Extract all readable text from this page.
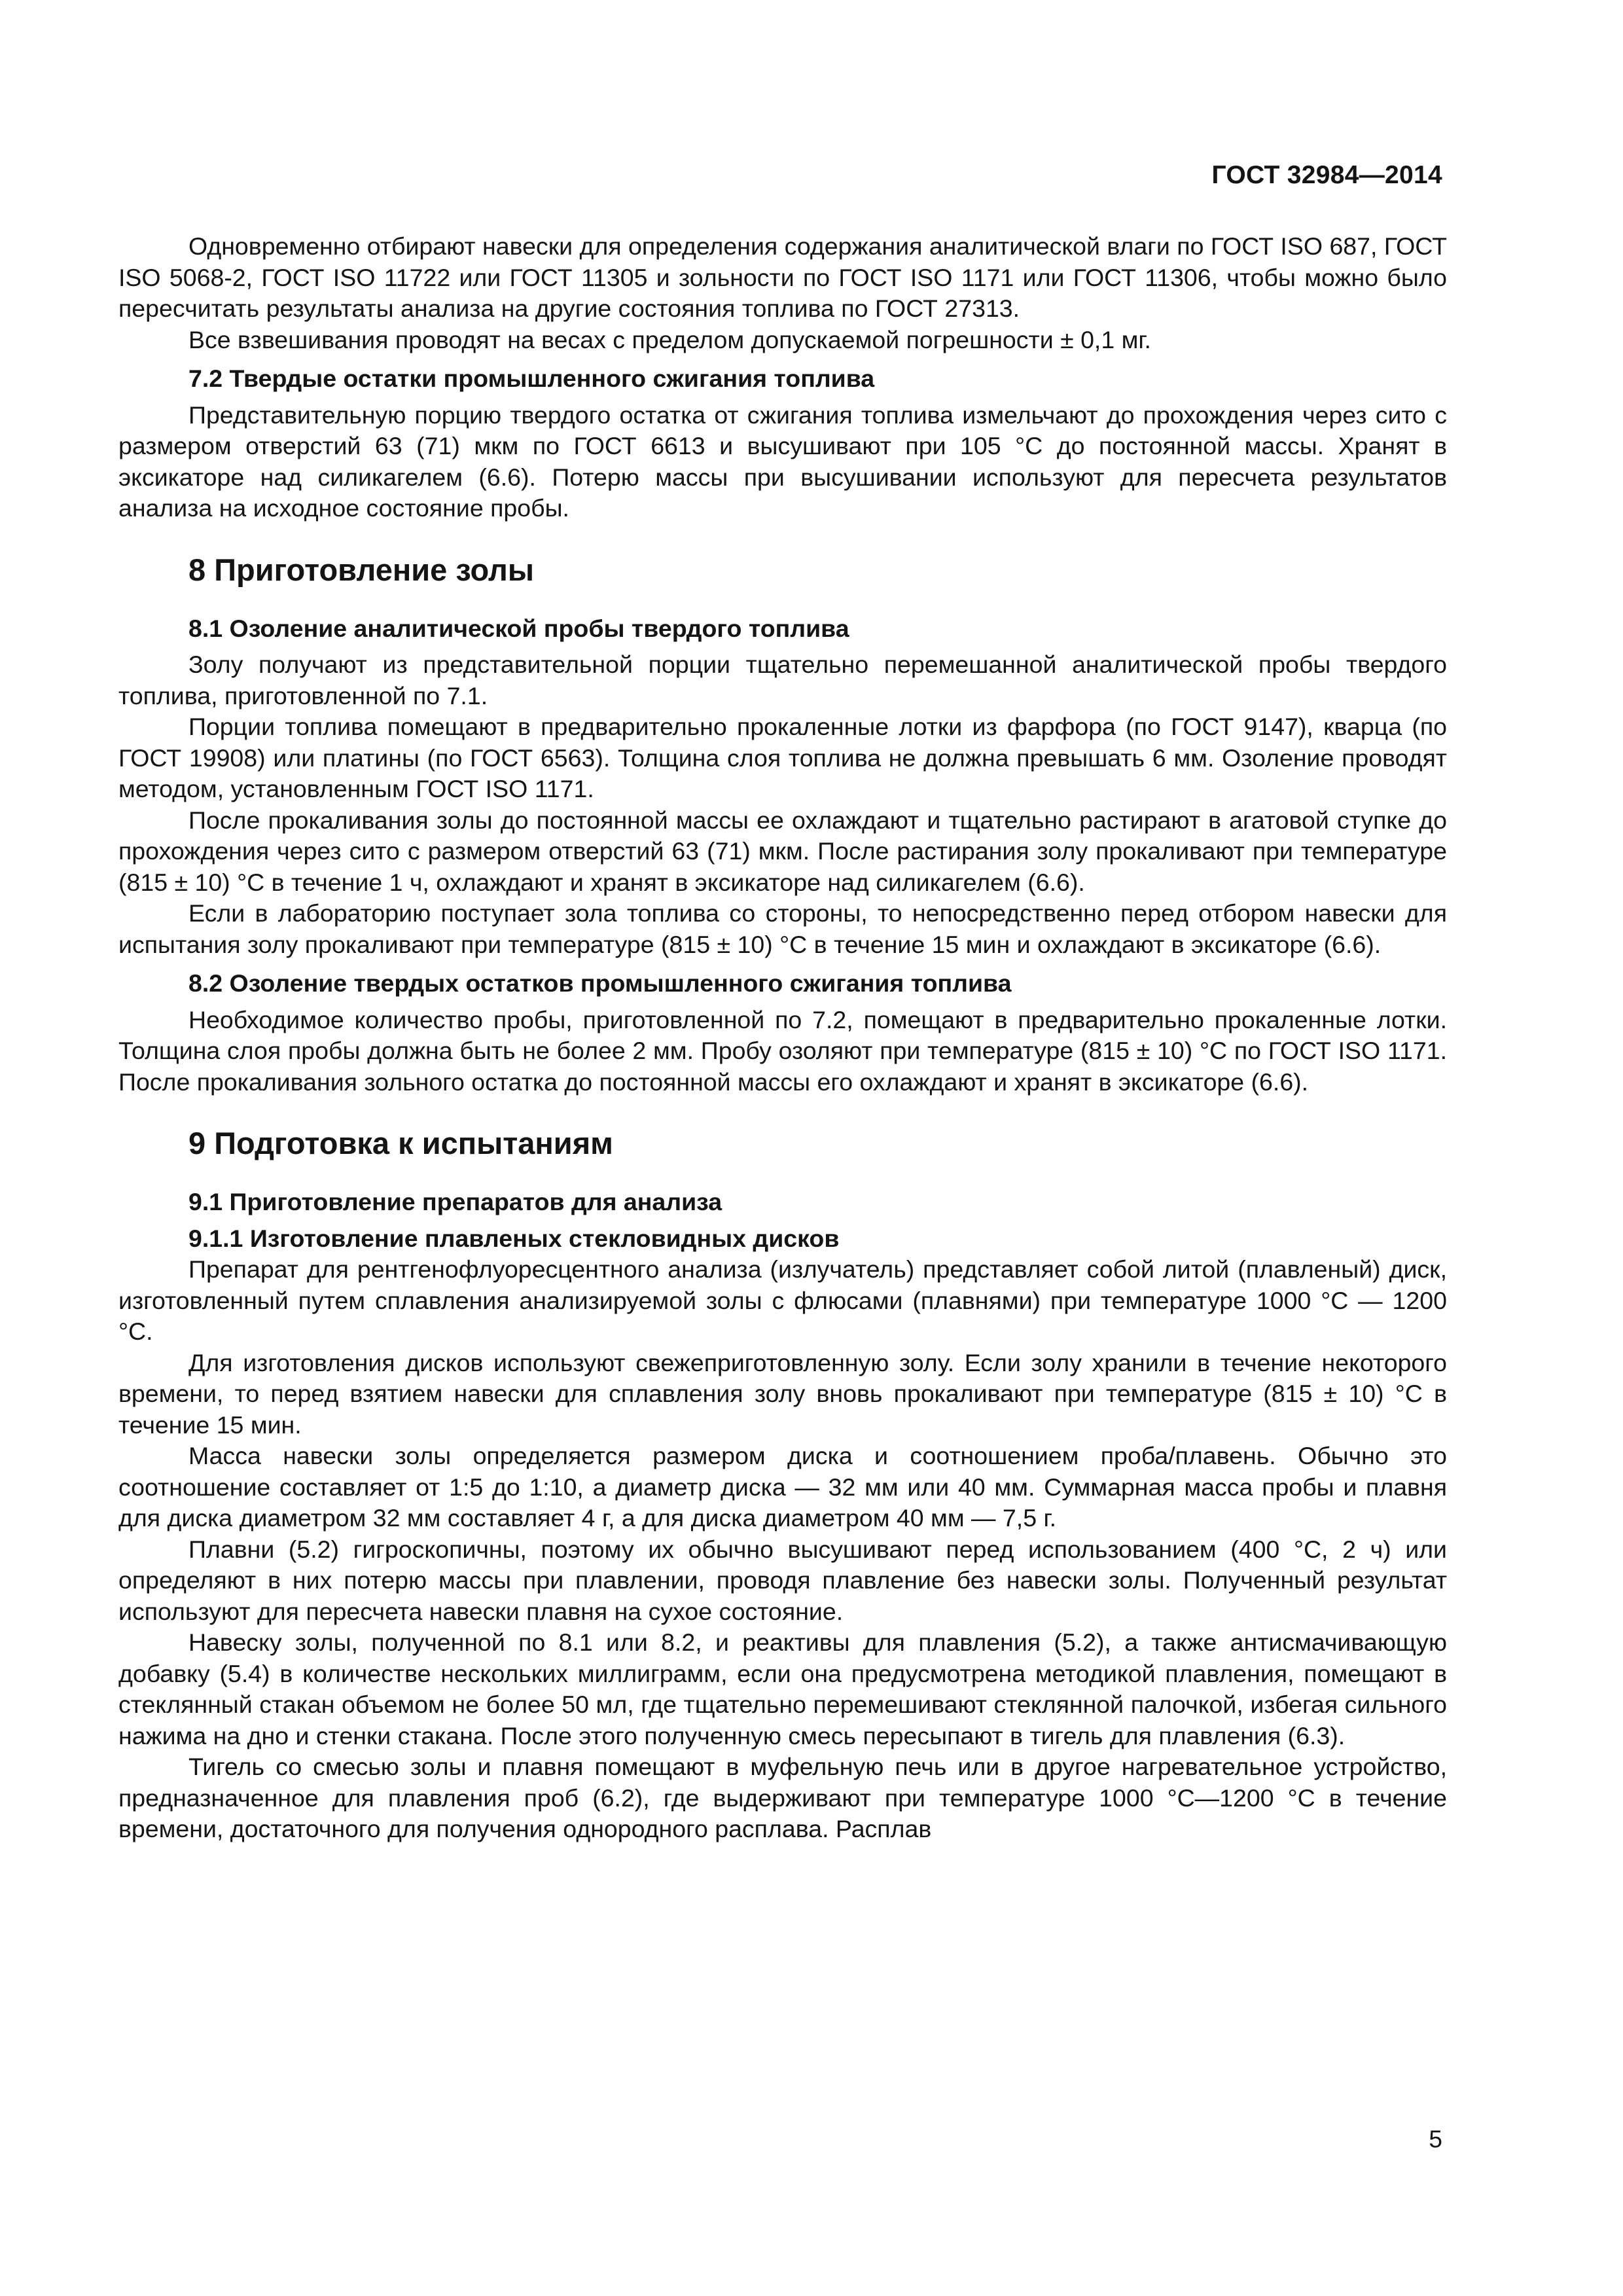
ГОСТ 32984—2014

Одновременно отбирают навески для определения содержания аналитической влаги по ГОСТ ISO 687, ГОСТ ISO 5068-2, ГОСТ ISO 11722 или ГОСТ 11305 и зольности по ГОСТ ISO 1171 или ГОСТ 11306, чтобы можно было пересчитать результаты анализа на другие состояния топлива по ГОСТ 27313.

Все взвешивания проводят на весах с пределом допускаемой погрешности ± 0,1 мг.

7.2 Твердые остатки промышленного сжигания топлива

Представительную порцию твердого остатка от сжигания топлива измельчают до прохождения через сито с размером отверстий 63 (71) мкм по ГОСТ 6613 и высушивают при 105 °С до постоянной массы. Хранят в эксикаторе над силикагелем (6.6). Потерю массы при высушивании используют для пересчета результатов анализа на исходное состояние пробы.

8 Приготовление золы
8.1 Озоление аналитической пробы твердого топлива

Золу получают из представительной порции тщательно перемешанной аналитической пробы твердого топлива, приготовленной по 7.1.

Порции топлива помещают в предварительно прокаленные лотки из фарфора (по ГОСТ 9147), кварца (по ГОСТ 19908) или платины (по ГОСТ 6563). Толщина слоя топлива не должна превышать 6 мм. Озоление проводят методом, установленным ГОСТ ISO 1171.

После прокаливания золы до постоянной массы ее охлаждают и тщательно растирают в агатовой ступке до прохождения через сито с размером отверстий 63 (71) мкм. После растирания золу прокаливают при температуре (815 ± 10) °С в течение 1 ч, охлаждают и хранят в эксикаторе над силикагелем (6.6).

Если в лабораторию поступает зола топлива со стороны, то непосредственно перед отбором навески для испытания золу прокаливают при температуре (815 ± 10) °С в течение 15 мин и охлаждают в эксикаторе (6.6).

8.2 Озоление твердых остатков промышленного сжигания топлива

Необходимое количество пробы, приготовленной по 7.2, помещают в предварительно прокаленные лотки. Толщина слоя пробы должна быть не более 2 мм. Пробу озоляют при температуре (815 ± 10) °С по ГОСТ ISO 1171. После прокаливания зольного остатка до постоянной массы его охлаждают и хранят в эксикаторе (6.6).

9 Подготовка к испытаниям
9.1 Приготовление препаратов для анализа
9.1.1 Изготовление плавленых стекловидных дисков

Препарат для рентгенофлуоресцентного анализа (излучатель) представляет собой литой (плавленый) диск, изготовленный путем сплавления анализируемой золы с флюсами (плавнями) при температуре 1000 °С — 1200 °С.

Для изготовления дисков используют свежеприготовленную золу. Если золу хранили в течение некоторого времени, то перед взятием навески для сплавления золу вновь прокаливают при температуре (815 ± 10) °С в течение 15 мин.

Масса навески золы определяется размером диска и соотношением проба/плавень. Обычно это соотношение составляет от 1:5 до 1:10, а диаметр диска — 32 мм или 40 мм. Суммарная масса пробы и плавня для диска диаметром 32 мм составляет 4 г, а для диска диаметром 40 мм — 7,5 г.

Плавни (5.2) гигроскопичны, поэтому их обычно высушивают перед использованием (400 °С, 2 ч) или определяют в них потерю массы при плавлении, проводя плавление без навески золы. Полученный результат используют для пересчета навески плавня на сухое состояние.

Навеску золы, полученной по 8.1 или 8.2, и реактивы для плавления (5.2), а также антисмачивающую добавку (5.4) в количестве нескольких миллиграмм, если она предусмотрена методикой плавления, помещают в стеклянный стакан объемом не более 50 мл, где тщательно перемешивают стеклянной палочкой, избегая сильного нажима на дно и стенки стакана. После этого полученную смесь пересыпают в тигель для плавления (6.3).

Тигель со смесью золы и плавня помещают в муфельную печь или в другое нагревательное устройство, предназначенное для плавления проб (6.2), где выдерживают при температуре 1000 °С—1200 °С в течение времени, достаточного для получения однородного расплава. Расплав

5
